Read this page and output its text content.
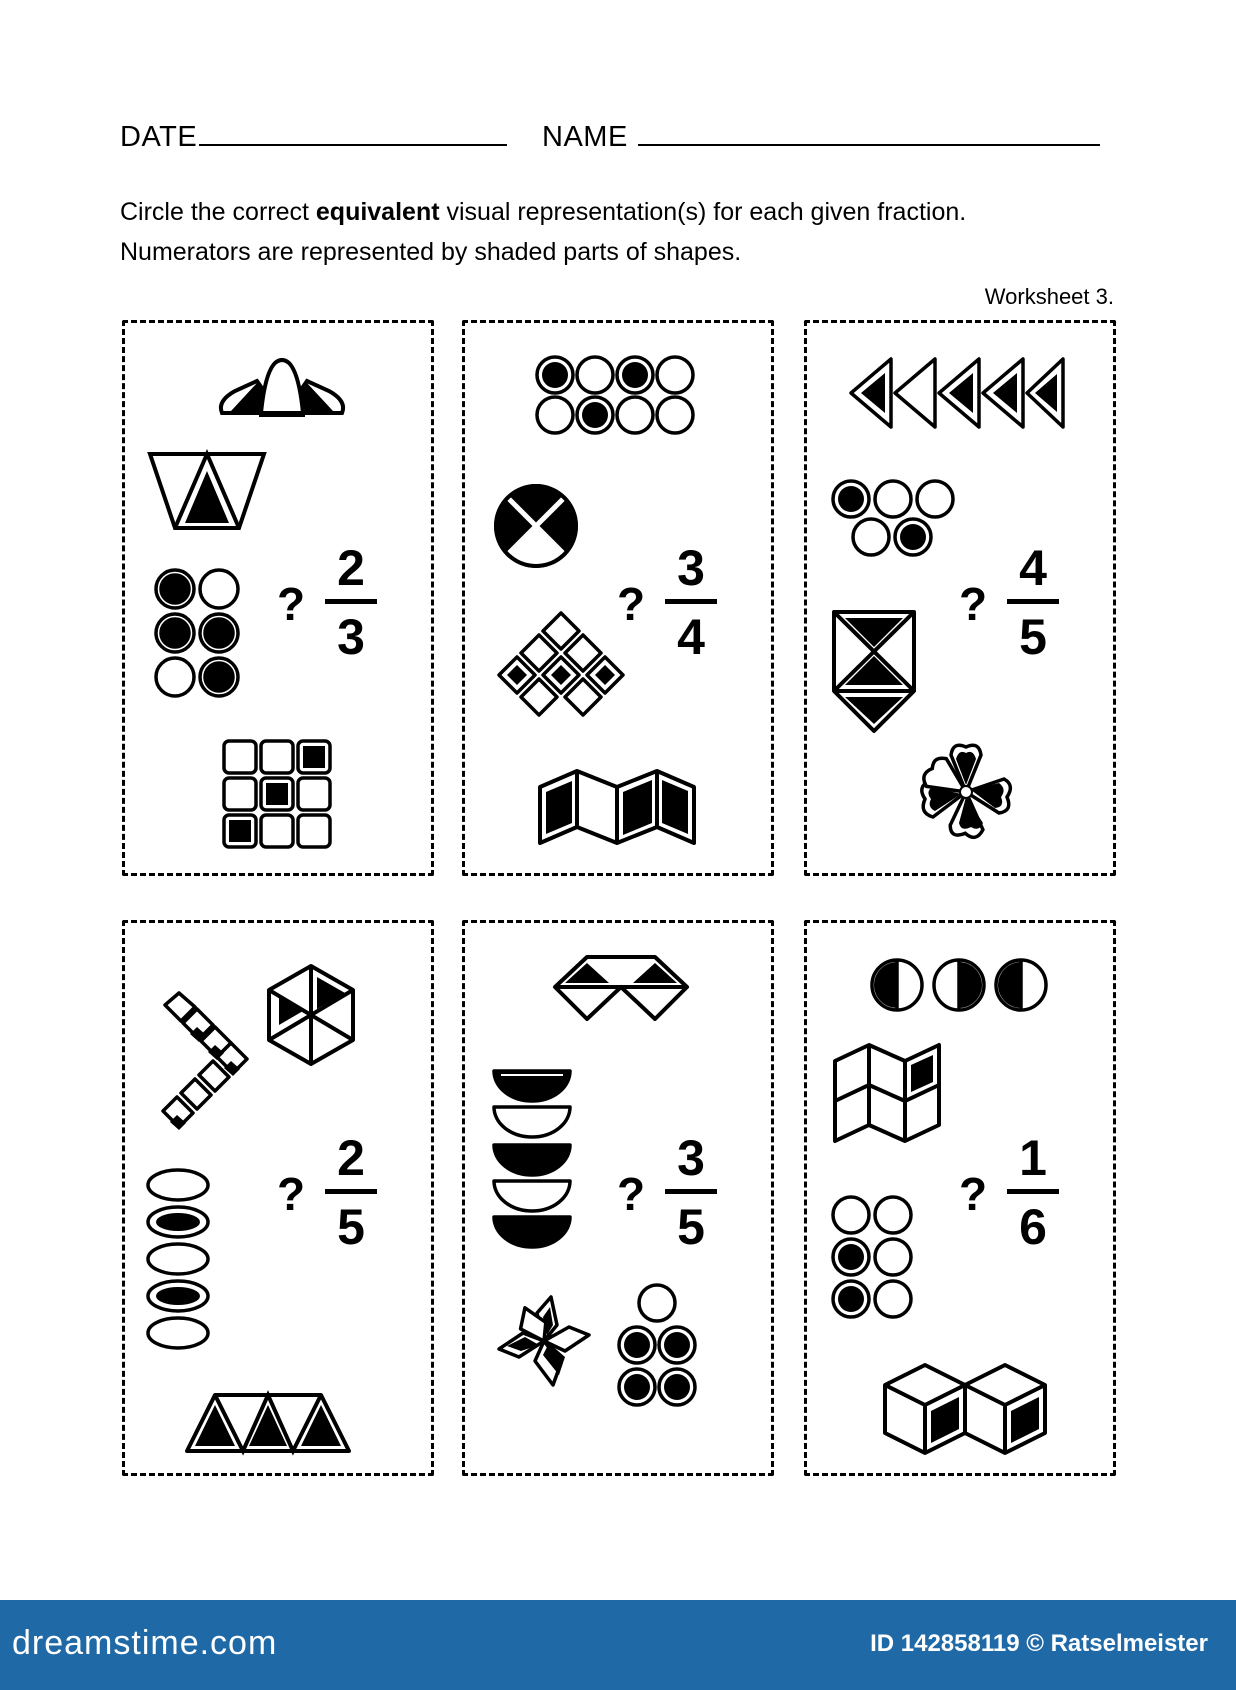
DATE	NAME
Circle the correct equivalent visual representation(s) for each given fraction.
Numerators are represented by shaded parts of shapes.
Worksheet 3.
?
2
3
?
3
4
?
4
5
?
2
5
?
3
5
?
1
6
dreamstime.com	ID 142858119 © Ratselmeister
